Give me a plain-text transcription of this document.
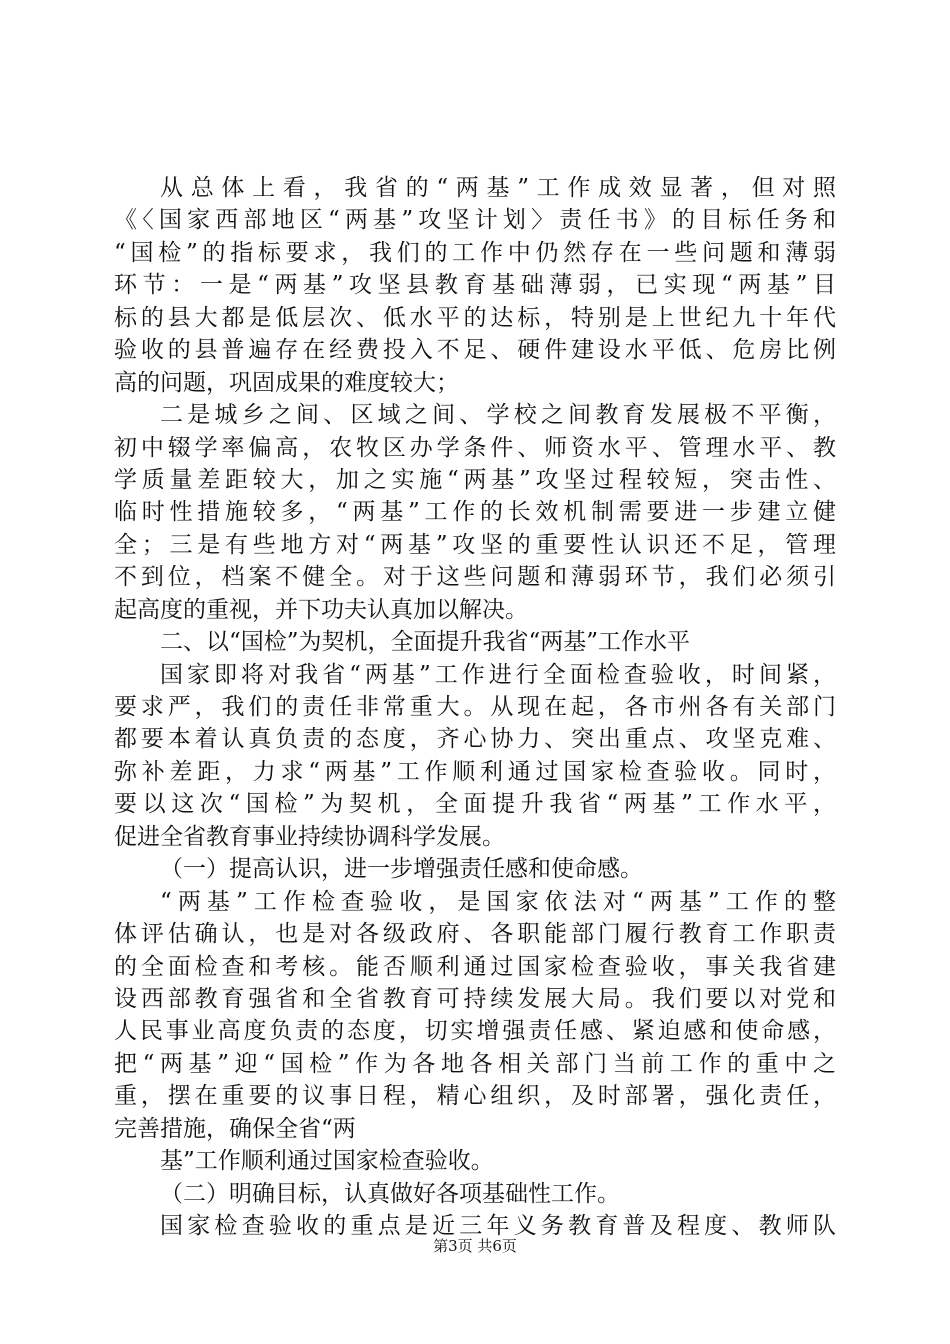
从总体上看，我省的“两基”工作成效显著，但对照
《〈国家西部地区“两基”攻坚计划〉责任书》的目标任务和
“国检”的指标要求，我们的工作中仍然存在一些问题和薄弱
环节：一是“两基”攻坚县教育基础薄弱，已实现“两基”目
标的县大都是低层次、低水平的达标，特别是上世纪九十年代
验收的县普遍存在经费投入不足、硬件建设水平低、危房比例
高的问题，巩固成果的难度较大；
二是城乡之间、区域之间、学校之间教育发展极不平衡，
初中辍学率偏高，农牧区办学条件、师资水平、管理水平、教
学质量差距较大，加之实施“两基”攻坚过程较短，突击性、
临时性措施较多，“两基”工作的长效机制需要进一步建立健
全；三是有些地方对“两基”攻坚的重要性认识还不足，管理
不到位，档案不健全。对于这些问题和薄弱环节，我们必须引
起高度的重视，并下功夫认真加以解决。
二、以“国检”为契机，全面提升我省“两基”工作水平
国家即将对我省“两基”工作进行全面检查验收，时间紧，
要求严，我们的责任非常重大。从现在起，各市州各有关部门
都要本着认真负责的态度，齐心协力、突出重点、攻坚克难、
弥补差距，力求“两基”工作顺利通过国家检查验收。同时，
要以这次“国检”为契机，全面提升我省“两基”工作水平，
促进全省教育事业持续协调科学发展。
（一）提高认识，进一步增强责任感和使命感。
“两基”工作检查验收，是国家依法对“两基”工作的整
体评估确认，也是对各级政府、各职能部门履行教育工作职责
的全面检查和考核。能否顺利通过国家检查验收，事关我省建
设西部教育强省和全省教育可持续发展大局。我们要以对党和
人民事业高度负责的态度，切实增强责任感、紧迫感和使命感，
把“两基”迎“国检”作为各地各相关部门当前工作的重中之
重，摆在重要的议事日程，精心组织，及时部署，强化责任，
完善措施，确保全省“两
基”工作顺利通过国家检查验收。
（二）明确目标，认真做好各项基础性工作。
国家检查验收的重点是近三年义务教育普及程度、教师队
第3页 共6页
